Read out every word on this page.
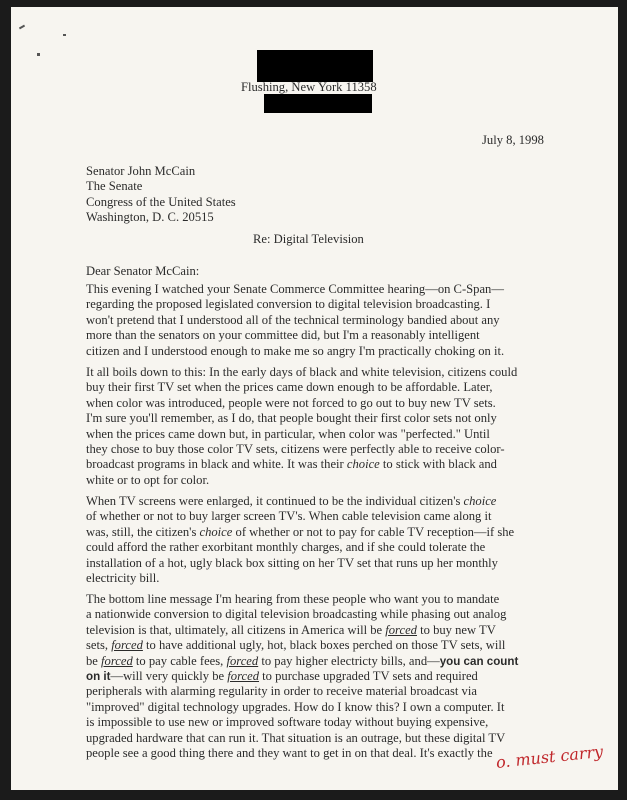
Flushing, New York 11358

July 8, 1998

Senator John McCain

The Senate

Congress of the United States

Washington, D. C. 20515

Re: Digital Television

Dear Senator McCain:

This evening I watched your Senate Commerce Committee hearing—on C-Span—
regarding the proposed legislated conversion to digital television broadcasting. I
won't pretend that I understood all of the technical terminology bandied about any
more than the senators on your committee did, but I'm a reasonably intelligent
citizen and I understood enough to make me so angry I'm practically choking on it.
It all boils down to this: In the early days of black and white television, citizens could
buy their first TV set when the prices came down enough to be affordable. Later,
when color was introduced, people were not forced to go out to buy new TV sets.
I'm sure you'll remember, as I do, that people bought their first color sets not only
when the prices came down but, in particular, when color was "perfected." Until
they chose to buy those color TV sets, citizens were perfectly able to receive color-
broadcast programs in black and white. It was their choice to stick with black and
white or to opt for color.
When TV screens were enlarged, it continued to be the individual citizen's choice
of whether or not to buy larger screen TV's. When cable television came along it
was, still, the citizen's choice of whether or not to pay for cable TV reception—if she
could afford the rather exorbitant monthly charges, and if she could tolerate the
installation of a hot, ugly black box sitting on her TV set that runs up her monthly
electricity bill.
The bottom line message I'm hearing from these people who want you to mandate
a nationwide conversion to digital television broadcasting while phasing out analog
television is that, ultimately, all citizens in America will be forced to buy new TV
sets, forced to have additional ugly, hot, black boxes perched on those TV sets, will
be forced to pay cable fees, forced to pay higher electricty bills, and—you can count
on it—will very quickly be forced to purchase upgraded TV sets and required
peripherals with alarming regularity in order to receive material broadcast via
"improved" digital technology upgrades. How do I know this? I own a computer. It
is impossible to use new or improved software today without buying expensive,
upgraded hardware that can run it. That situation is an outrage, but these digital TV
people see a good thing there and they want to get in on that deal. It's exactly the o. must carry
